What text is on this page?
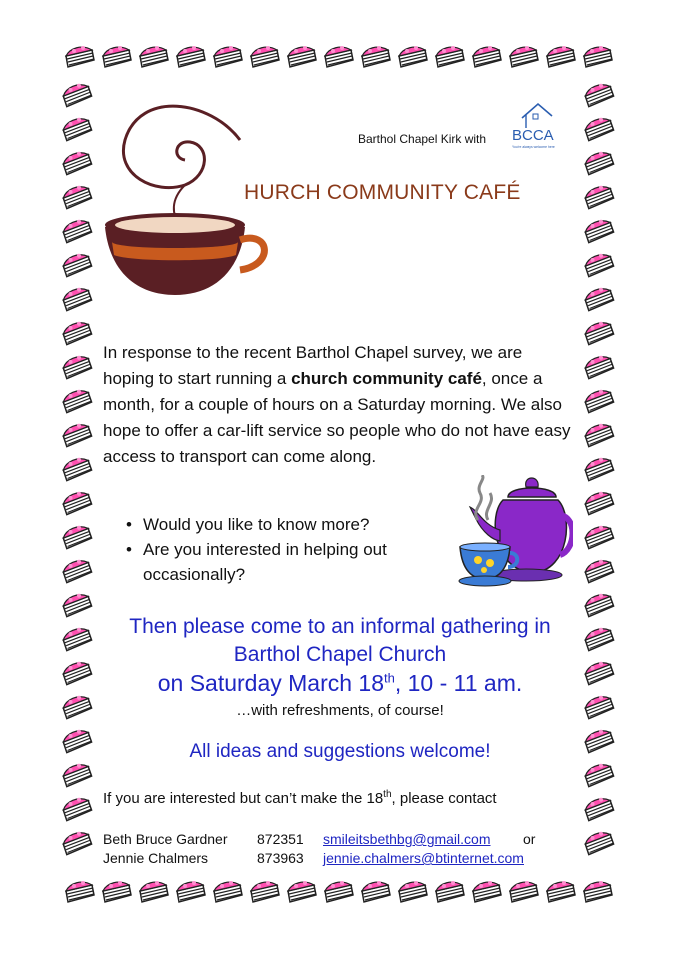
Barthol Chapel Kirk with BCCA
You're always welcome here
HURCH COMMUNITY CAFÉ
In response to the recent Barthol Chapel survey, we are hoping to start running a church community café, once a month, for a couple of hours on a Saturday morning. We also hope to offer a car-lift service so people who do not have easy access to transport can come along.
• Would you like to know more?
• Are you interested in helping out occasionally?
Then please come to an informal gathering in
Barthol Chapel Church
on Saturday March 18th, 10 - 11 am.
…with refreshments, of course!
All ideas and suggestions welcome!
If you are interested but can’t make the 18th, please contact
Beth Bruce Gardner 872351 smileitsbethbg@gmail.com or
Jennie Chalmers	873963 jennie.chalmers@btinternet.com
